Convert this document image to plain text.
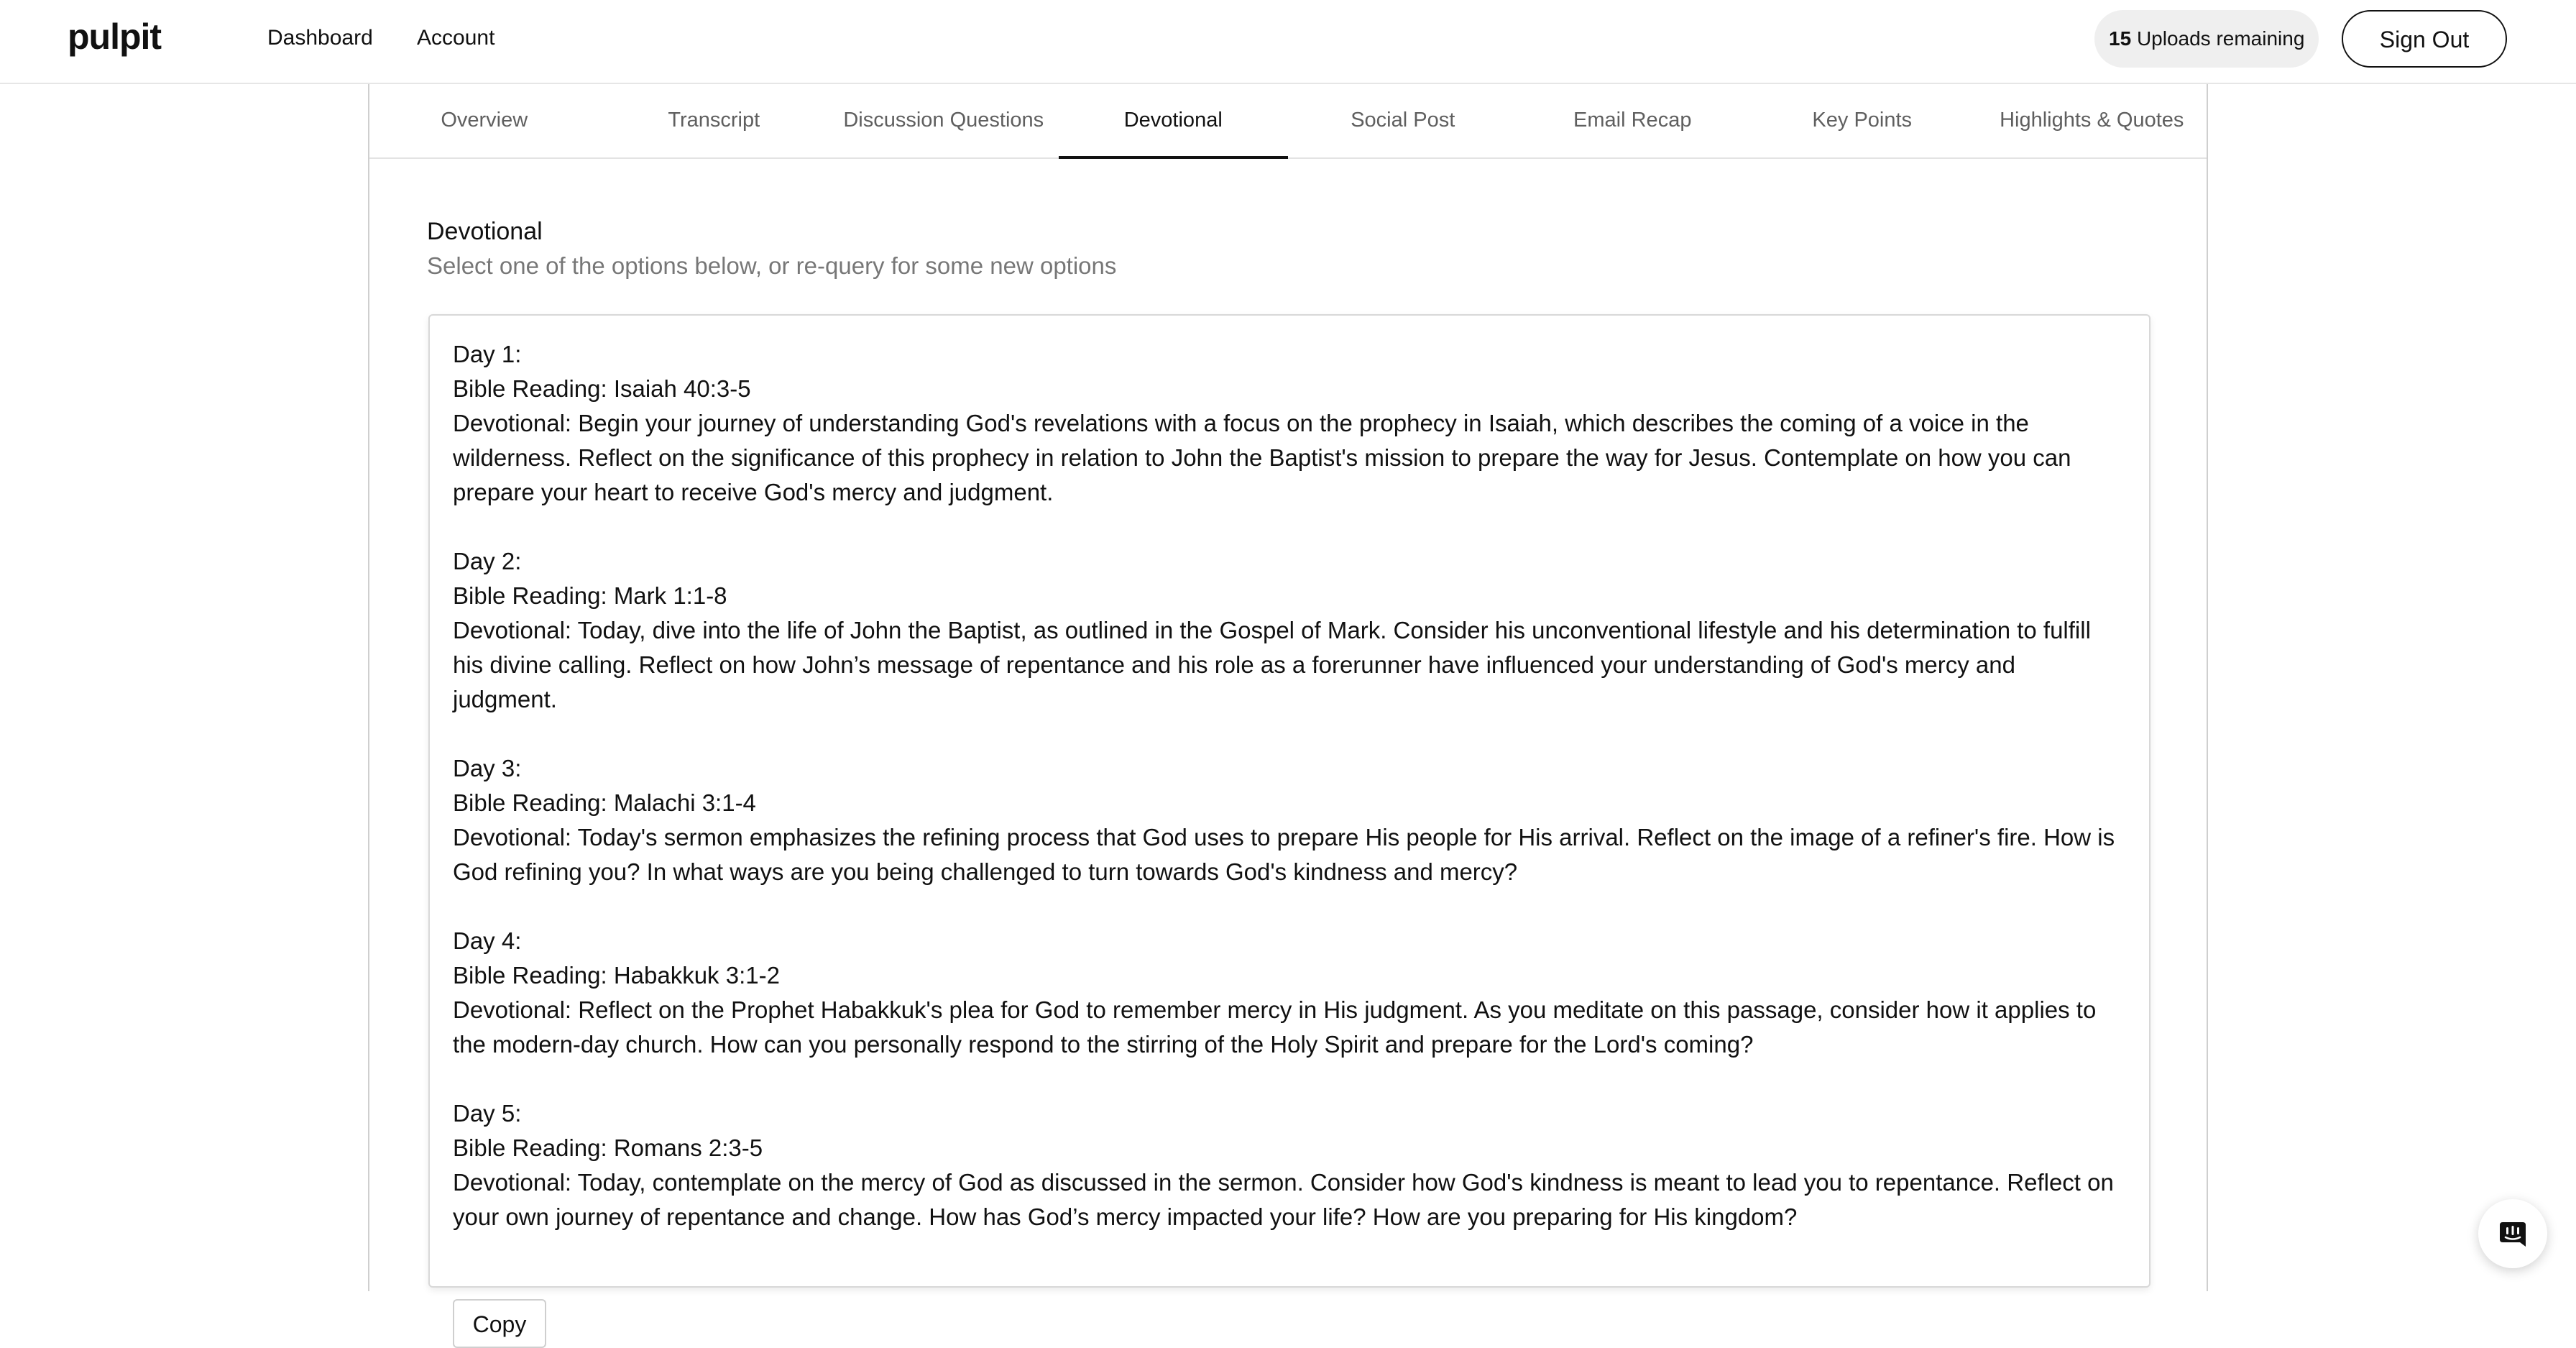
pulpit	Dashboard Account	15 Uploads remaining	Sign Out
Overview	Transcript	Discussion Questions	Devotional	Social Post	Email Recap	Key Points	Highlights & Quotes
Devotional
Select one of the options below, or re-query for some new options

Day 1:

Bible Reading: Isaiah 40:3-5

Devotional: Begin your journey of understanding God's revelations with a focus on the prophecy in Isaiah, which describes the coming of a voice in the wilderness. Reflect on the significance of this prophecy in relation to John the Baptist's mission to prepare the way for Jesus. Contemplate on how you can prepare your heart to receive God's mercy and judgment.

Day 2:

Bible Reading: Mark 1:1-8

Devotional: Today, dive into the life of John the Baptist, as outlined in the Gospel of Mark. Consider his unconventional lifestyle and his determination to fulfill his divine calling. Reflect on how John’s message of repentance and his role as a forerunner have influenced your understanding of God's mercy and judgment.

Day 3:

Bible Reading: Malachi 3:1-4

Devotional: Today's sermon emphasizes the refining process that God uses to prepare His people for His arrival. Reflect on the image of a refiner's fire. How is God refining you? In what ways are you being challenged to turn towards God's kindness and mercy?

Day 4:

Bible Reading: Habakkuk 3:1-2

Devotional: Reflect on the Prophet Habakkuk's plea for God to remember mercy in His judgment. As you meditate on this passage, consider how it applies to the modern-day church. How can you personally respond to the stirring of the Holy Spirit and prepare for the Lord's coming?

Day 5:

Bible Reading: Romans 2:3-5

Devotional: Today, contemplate on the mercy of God as discussed in the sermon. Consider how God's kindness is meant to lead you to repentance. Reflect on your own journey of repentance and change. How has God’s mercy impacted your life? How are you preparing for His kingdom?

Copy
